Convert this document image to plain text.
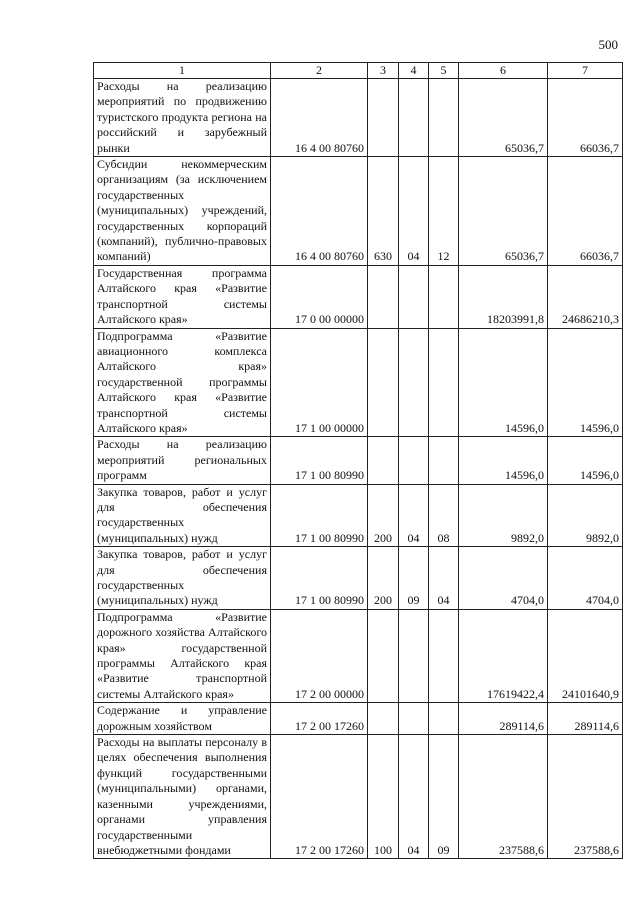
500
1	2	3	4	5	6	7
Расходы на реализацию мероприятий по продвижению туристского продукта региона на российский и зарубежный рынки	16 4 00 80760				65036,7	66036,7
Субсидии некоммерческим организациям (за исключением государственных (муниципальных) учреждений, государственных корпораций (компаний), публично-правовых компаний)	16 4 00 80760	630	04	12	65036,7	66036,7
Государственная программа Алтайского края «Развитие транспортной системы Алтайского края»	17 0 00 00000				18203991,8	24686210,3
Подпрограмма «Развитие авиационного комплекса Алтайского края» государственной программы Алтайского края «Развитие транспортной системы Алтайского края»	17 1 00 00000				14596,0	14596,0
Расходы на реализацию мероприятий региональных программ	17 1 00 80990				14596,0	14596,0
Закупка товаров, работ и услуг для обеспечения государственных (муниципальных) нужд	17 1 00 80990	200	04	08	9892,0	9892,0
Закупка товаров, работ и услуг для обеспечения государственных (муниципальных) нужд	17 1 00 80990	200	09	04	4704,0	4704,0
Подпрограмма «Развитие дорожного хозяйства Алтайского края» государственной программы Алтайского края «Развитие транспортной системы Алтайского края»	17 2 00 00000				17619422,4	24101640,9
Содержание и управление дорожным хозяйством	17 2 00 17260				289114,6	289114,6
Расходы на выплаты персоналу в целях обеспечения выполнения функций государственными (муниципальными) органами, казенными учреждениями, органами управления государственными внебюджетными фондами	17 2 00 17260	100	04	09	237588,6	237588,6
